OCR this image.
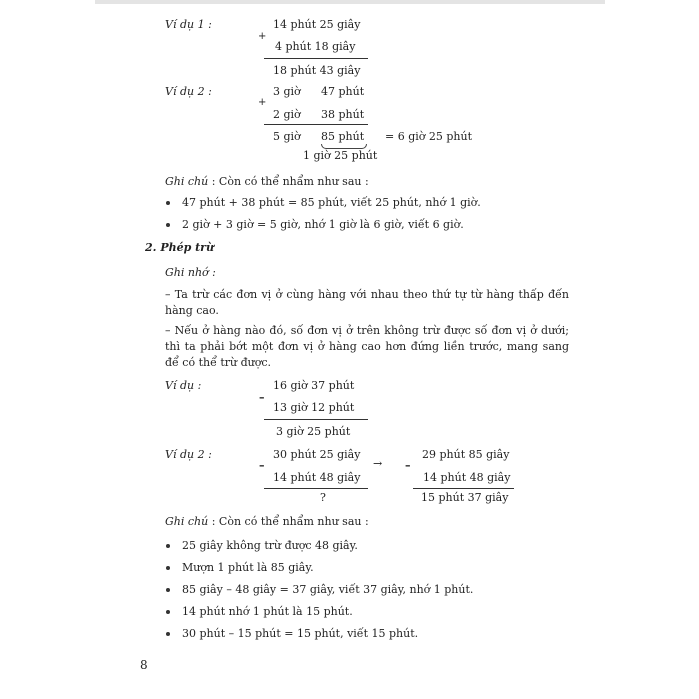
Ví dụ 1 :	14 phút 25 giây
+
4 phút 18 giây
18 phút 43 giây
Ví dụ 2 :	3 giờ 47 phút
+
2 giờ 38 phút
5 giờ 85 phút = 6 giờ 25 phút
1 giờ 25 phút
Ghi chú : Còn có thể nhẩm như sau :
47 phút + 38 phút = 85 phút, viết 25 phút, nhớ 1 giờ.
2 giờ + 3 giờ = 5 giờ, nhớ 1 giờ là 6 giờ, viết 6 giờ.
2. Phép trừ
Ghi nhớ :
– Ta trừ các đơn vị ở cùng hàng với nhau theo thứ tự từ hàng thấp đến hàng cao.
– Nếu ở hàng nào đó, số đơn vị ở trên không trừ được số đơn vị ở dưới; thì ta phải bớt một đơn vị ở hàng cao hơn đứng liền trước, mang sang để có thể trừ được.
Ví dụ :	16 giờ 37 phút
–
13 giờ 12 phút
3 giờ 25 phút
Ví dụ 2 :	30 phút 25 giây
–
14 phút 48 giây
?
→
29 phút 85 giây
–
14 phút 48 giây
15 phút 37 giây
Ghi chú : Còn có thể nhẩm như sau :
25 giây không trừ được 48 giây.
Mượn 1 phút là 85 giây.
85 giây – 48 giây = 37 giây, viết 37 giây, nhớ 1 phút.
14 phút nhớ 1 phút là 15 phút.
30 phút – 15 phút = 15 phút, viết 15 phút.
8
